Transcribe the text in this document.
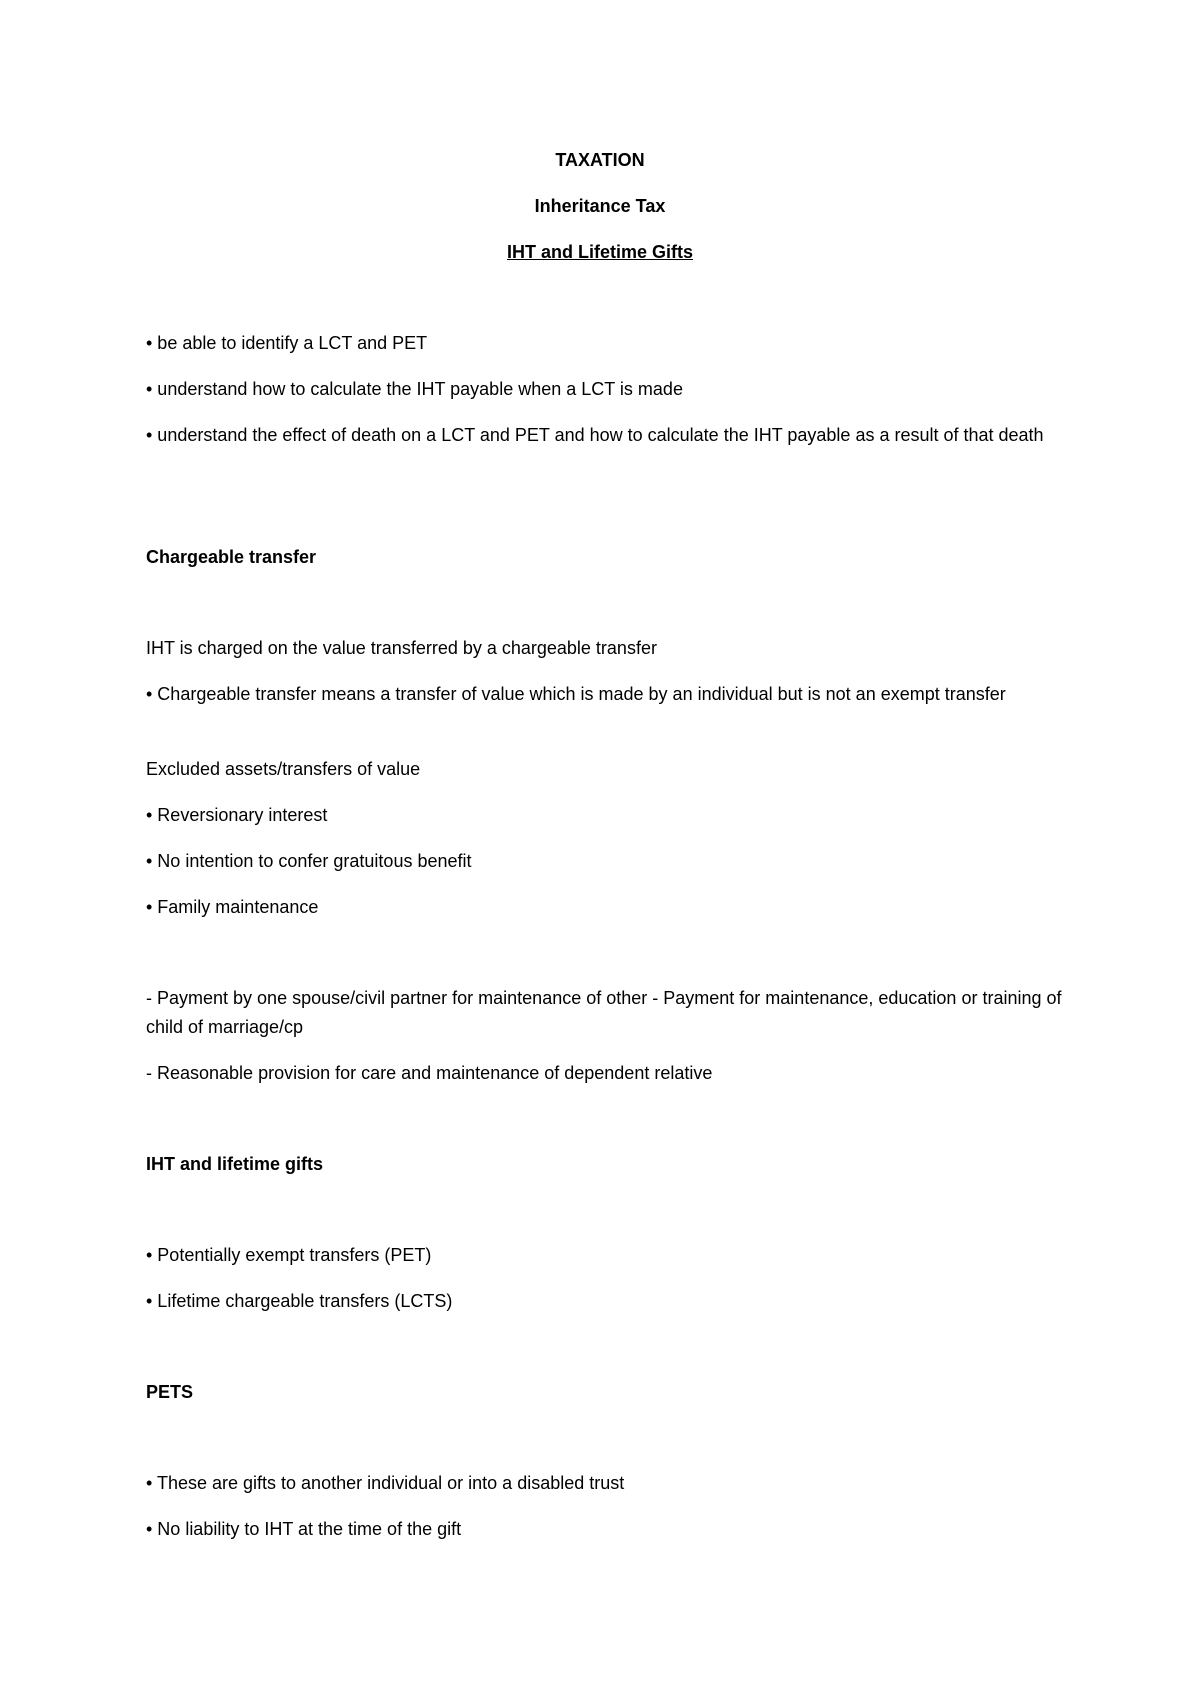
TAXATION
Inheritance Tax
IHT and Lifetime Gifts
• be able to identify a LCT and PET
• understand how to calculate the IHT payable when a LCT is made
• understand the effect of death on a LCT and PET and how to calculate the IHT payable as a result of that death
Chargeable transfer
IHT is charged on the value transferred by a chargeable transfer
• Chargeable transfer means a transfer of value which is made by an individual but is not an exempt transfer
Excluded assets/transfers of value
• Reversionary interest
• No intention to confer gratuitous benefit
• Family maintenance
- Payment by one spouse/civil partner for maintenance of other - Payment for maintenance, education or training of child of marriage/cp
- Reasonable provision for care and maintenance of dependent relative
IHT and lifetime gifts
• Potentially exempt transfers (PET)
• Lifetime chargeable transfers (LCTS)
PETS
• These are gifts to another individual or into a disabled trust
• No liability to IHT at the time of the gift
